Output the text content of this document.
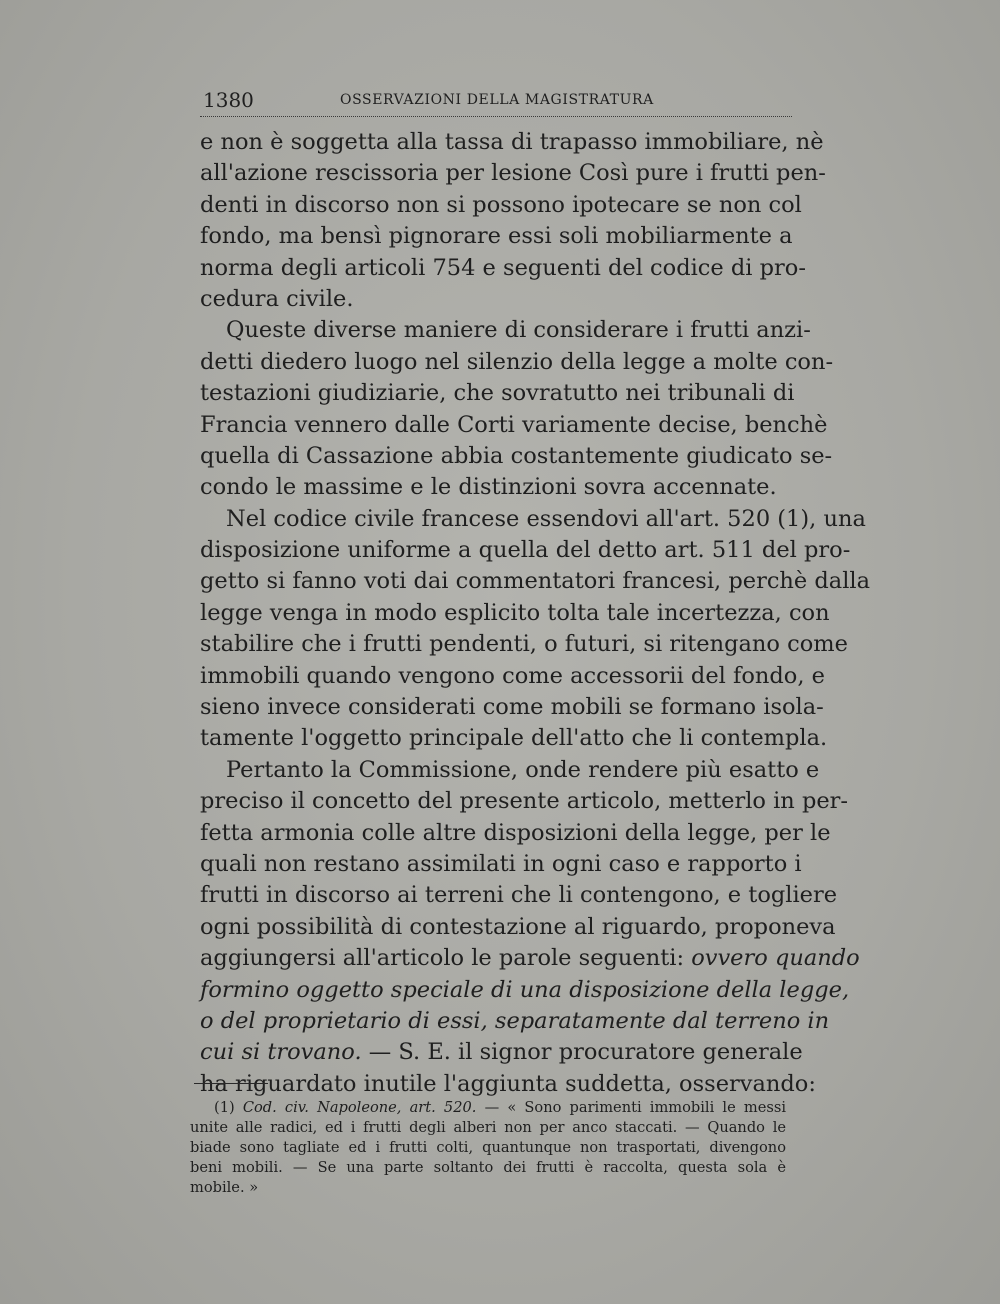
1380	OSSERVAZIONI DELLA MAGISTRATURA
e non è soggetta alla tassa di trapasso immobiliare, nè
all'azione rescissoria per lesione Così pure i frutti pen-
denti in discorso non si possono ipotecare se non col
fondo, ma bensì pignorare essi soli mobiliarmente a
norma degli articoli 754 e seguenti del codice di pro-
cedura civile.
Queste diverse maniere di considerare i frutti anzi-
detti diedero luogo nel silenzio della legge a molte con-
testazioni giudiziarie, che sovratutto nei tribunali di
Francia vennero dalle Corti variamente decise, benchè
quella di Cassazione abbia costantemente giudicato se-
condo le massime e le distinzioni sovra accennate.
Nel codice civile francese essendovi all'art. 520 (1), una
disposizione uniforme a quella del detto art. 511 del pro-
getto si fanno voti dai commentatori francesi, perchè dalla
legge venga in modo esplicito tolta tale incertezza, con
stabilire che i frutti pendenti, o futuri, si ritengano come
immobili quando vengono come accessorii del fondo, e
sieno invece considerati come mobili se formano isola-
tamente l'oggetto principale dell'atto che li contempla.
Pertanto la Commissione, onde rendere più esatto e
preciso il concetto del presente articolo, metterlo in per-
fetta armonia colle altre disposizioni della legge, per le
quali non restano assimilati in ogni caso e rapporto i
frutti in discorso ai terreni che li contengono, e togliere
ogni possibilità di contestazione al riguardo, proponeva
aggiungersi all'articolo le parole seguenti: ovvero quando
formino oggetto speciale di una disposizione della legge,
o del proprietario di essi, separatamente dal terreno in
cui si trovano. — S. E. il signor procuratore generale
ha riguardato inutile l'aggiunta suddetta, osservando:
(1) Cod. civ. Napoleone, art. 520. — « Sono parimenti immobili le messi
unite alle radici, ed i frutti degli alberi non per anco staccati. — Quando le
biade sono tagliate ed i frutti colti, quantunque non trasportati, divengono
beni mobili. — Se una parte soltanto dei frutti è raccolta, questa sola è
mobile. »
